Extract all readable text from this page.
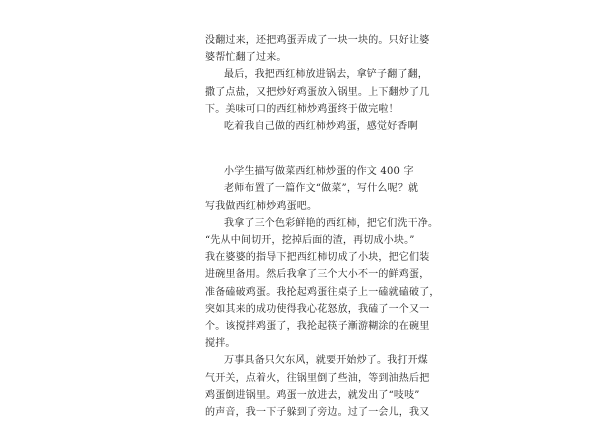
没翻过来，还把鸡蛋弄成了一块一块的。只好让婆
婆帮忙翻了过来。
最后，我把西红柿放进锅去，拿铲子翻了翻，
撒了点盐，又把炒好鸡蛋放入锅里。上下翻炒了几
下。美味可口的西红柿炒鸡蛋终于做完啦！
吃着我自己做的西红柿炒鸡蛋，感觉好香啊
小学生描写做菜西红柿炒蛋的作文 400 字
老师布置了一篇作文“做菜”，写什么呢？就
写我做西红柿炒鸡蛋吧。
我拿了三个色彩鲜艳的西红柿，把它们洗干净。
“先从中间切开，挖掉后面的渣，再切成小块。”
我在婆婆的指导下把西红柿切成了小块，把它们装
进碗里备用。然后我拿了三个大小不一的鲜鸡蛋，
准备磕破鸡蛋。我抡起鸡蛋往桌子上一磕就磕破了，
突如其来的成功使得我心花怒放，我磕了一个又一
个。该搅拌鸡蛋了，我抡起筷子漸游糊涂的在碗里
搅拌。
万事具备只欠东风，就要开始炒了。我打开煤
气开关，点着火，往锅里倒了些油，等到油热后把
鸡蛋倒进锅里。鸡蛋一放进去，就发出了“吱吱”
的声音，我一下子躲到了旁边。过了一会儿，我又
